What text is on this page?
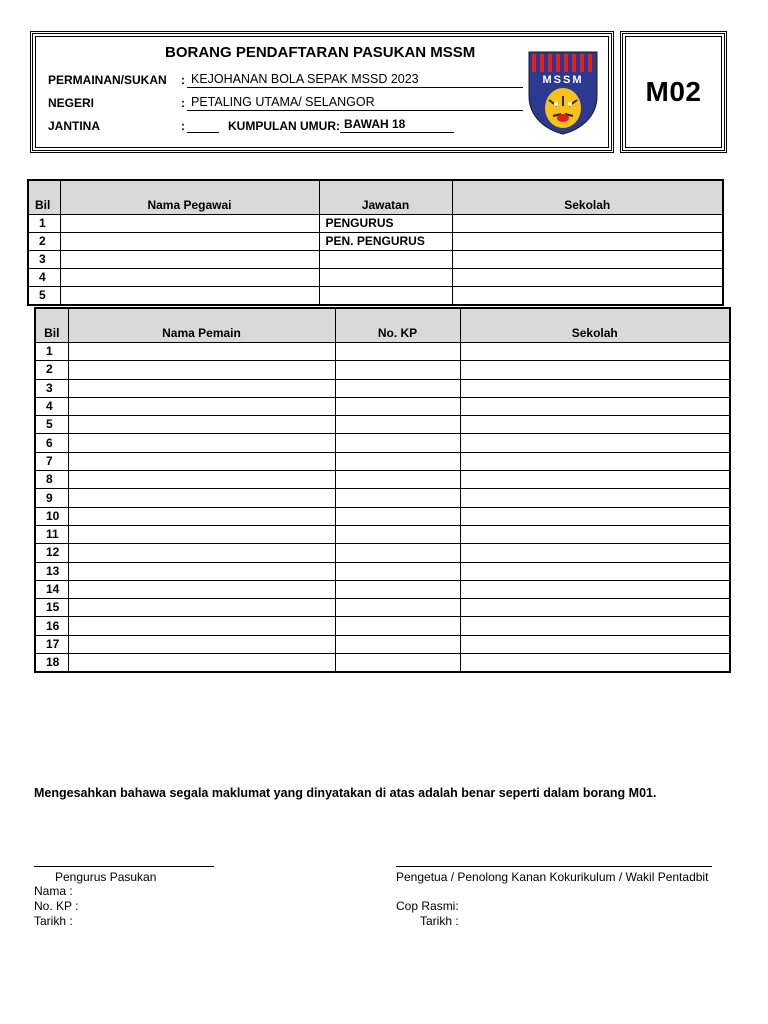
BORANG PENDAFTARAN PASUKAN MSSM
PERMAINAN/SUKAN : KEJOHANAN BOLA SEPAK MSSD 2023
NEGERI	: PETALING UTAMA/ SELANGOR
JANTINA	:	KUMPULAN UMUR: BAWAH 18
MSSM M02
Bil	Nama Pegawai	Jawatan	Sekolah
1		PENGURUS	
2		PEN. PENGURUS	
3			
4			
5			
Bil	Nama Pemain	No. KP	Sekolah
1			
2			
3			
4			
5			
6			
7			
8			
9			
10			
11			
12			
13			
14			
15			
16			
17			
18			
Mengesahkan bahawa segala maklumat yang dinyatakan di atas adalah benar seperti dalam borang M01.
Pengurus Pasukan
Nama :
No. KP :
Tarikh :
Pengetua / Penolong Kanan Kokurikulum / Wakil Pentadbit
Cop Rasmi:
Tarikh :
